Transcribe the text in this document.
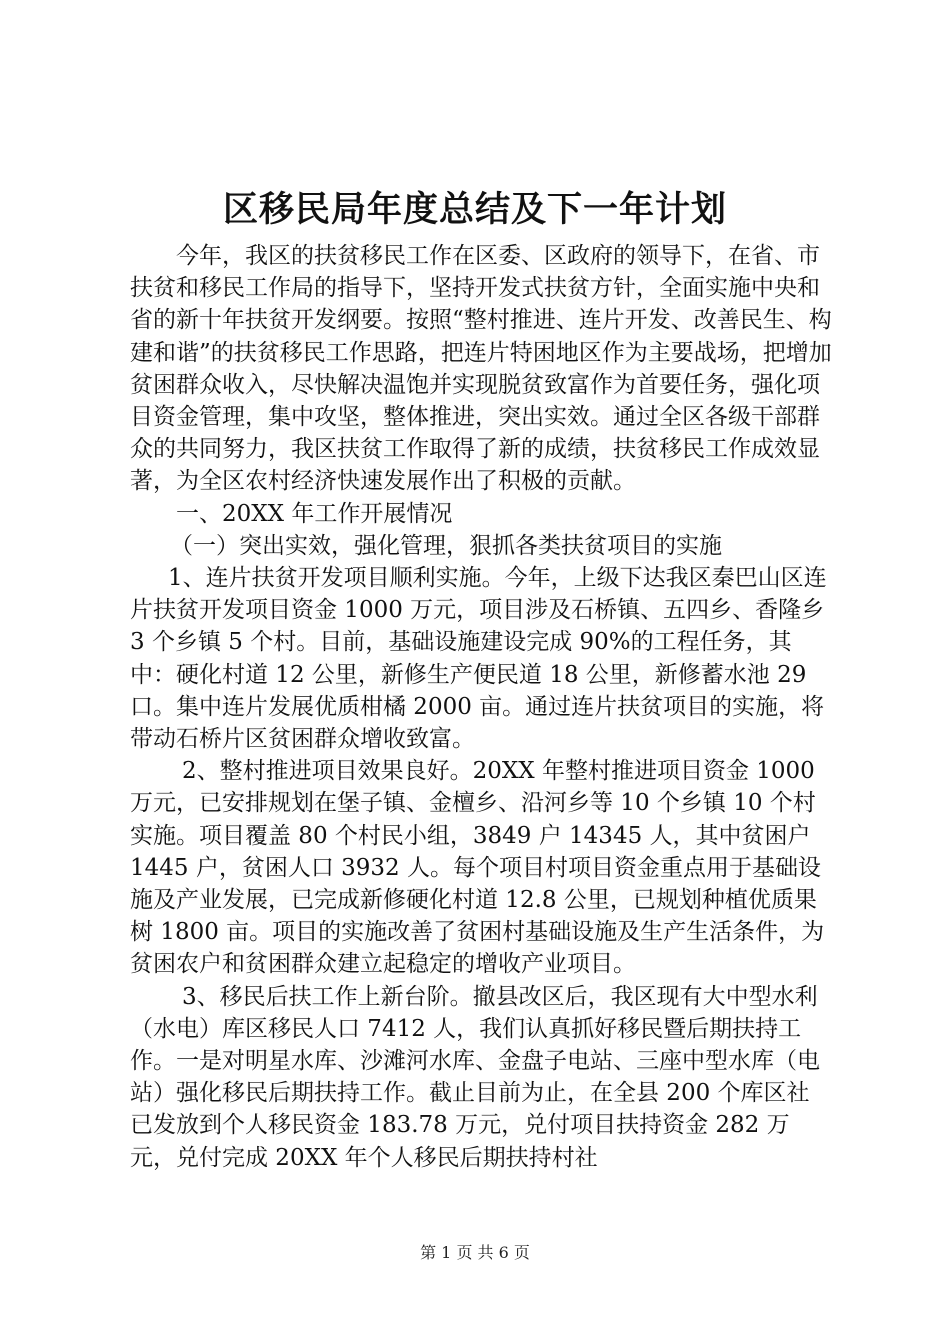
区移民局年度总结及下一年计划

今年，我区的扶贫移民工作在区委、区政府的领导下，在省、市扶贫和移民工作局的指导下，坚持开发式扶贫方针，全面实施中央和省的新十年扶贫开发纲要。按照“整村推进、连片开发、改善民生、构建和谐”的扶贫移民工作思路，把连片特困地区作为主要战场，把增加贫困群众收入，尽快解决温饱并实现脱贫致富作为首要任务，强化项目资金管理，集中攻坚，整体推进，突出实效。通过全区各级干部群众的共同努力，我区扶贫工作取得了新的成绩，扶贫移民工作成效显著，为全区农村经济快速发展作出了积极的贡献。

一、20XX 年工作开展情况

（一）突出实效，强化管理，狠抓各类扶贫项目的实施

1、连片扶贫开发项目顺利实施。今年，上级下达我区秦巴山区连片扶贫开发项目资金 1000 万元，项目涉及石桥镇、五四乡、香隆乡 3 个乡镇 5 个村。目前，基础设施建设完成 90%的工程任务，其中：硬化村道 12 公里，新修生产便民道 18 公里，新修蓄水池 29 口。集中连片发展优质柑橘 2000 亩。通过连片扶贫项目的实施，将带动石桥片区贫困群众增收致富。

2、整村推进项目效果良好。20XX 年整村推进项目资金 1000 万元，已安排规划在堡子镇、金檀乡、沿河乡等 10 个乡镇 10 个村实施。项目覆盖 80 个村民小组，3849 户 14345 人，其中贫困户 1445 户，贫困人口 3932 人。每个项目村项目资金重点用于基础设施及产业发展，已完成新修硬化村道 12.8 公里，已规划种植优质果树 1800 亩。项目的实施改善了贫困村基础设施及生产生活条件，为贫困农户和贫困群众建立起稳定的增收产业项目。

3、移民后扶工作上新台阶。撤县改区后，我区现有大中型水利（水电）库区移民人口 7412 人，我们认真抓好移民暨后期扶持工作。一是对明星水库、沙滩河水库、金盘子电站、三座中型水库（电站）强化移民后期扶持工作。截止目前为止，在全县 200 个库区社已发放到个人移民资金 183.78 万元，兑付项目扶持资金 282 万元，兑付完成 20XX 年个人移民后期扶持村社

第 1 页 共 6 页
